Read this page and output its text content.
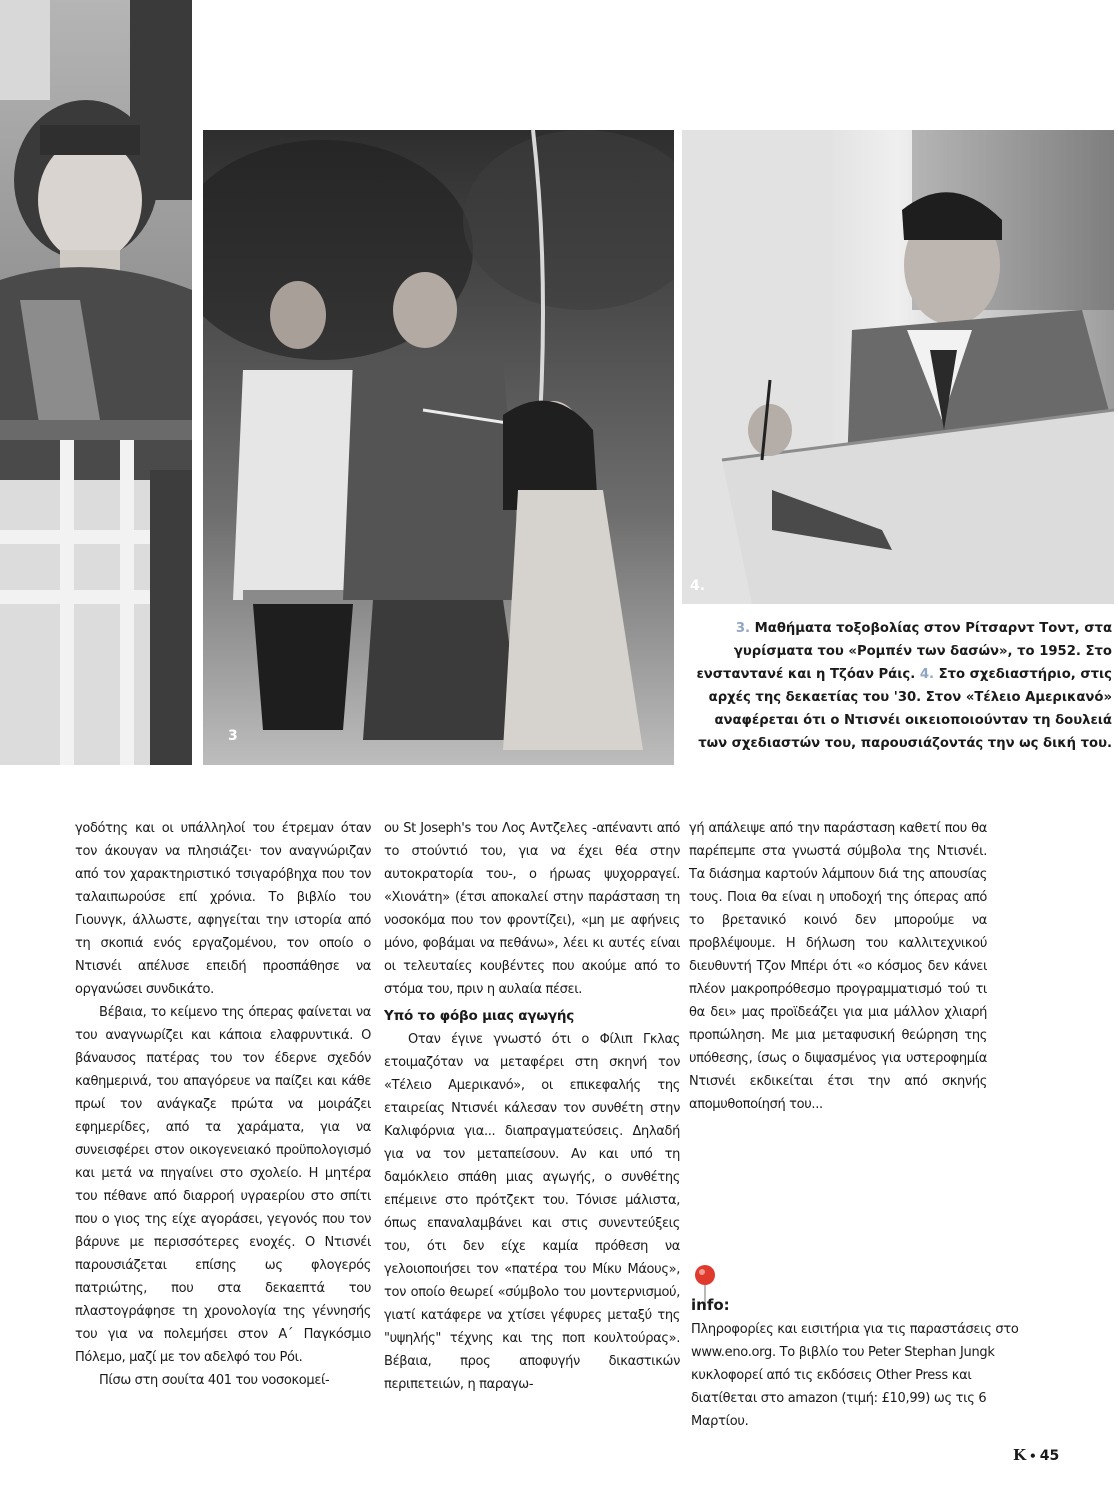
3
4.
3. Μαθήματα τοξοβολίας στον Ρίτσαρντ Τοντ, στα γυρίσματα του «Ρομπέν των δασών», το 1952. Στο ενσταντανέ και η Τζόαν Ράις. 4. Στο σχεδιαστήριο, στις αρχές της δεκαετίας του '30. Στον «Τέλειο Αμερικανό» αναφέρεται ότι ο Ντισνέι οικειοποιούνταν τη δουλειά των σχεδιαστών του, παρουσιάζοντάς την ως δική του.

γοδότης και οι υπάλληλοί του έτρεμαν όταν τον άκουγαν να πλησιάζει· τον αναγνώριζαν από τον χαρακτηριστικό τσιγαρόβηχα που τον ταλαιπωρούσε επί χρόνια. Το βιβλίο του Γιουνγκ, άλλωστε, αφηγείται την ιστορία από τη σκοπιά ενός εργαζομένου, τον οποίο ο Ντισνέι απέλυσε επειδή προσπάθησε να οργανώσει συνδικάτο.

Βέβαια, το κείμενο της όπερας φαίνεται να του αναγνωρίζει και κάποια ελαφρυντικά. Ο βάναυσος πατέρας του τον έδερνε σχεδόν καθημερινά, του απαγόρευε να παίζει και κάθε πρωί τον ανάγκαζε πρώτα να μοιράζει εφημερίδες, από τα χαράματα, για να συνεισφέρει στον οικογενειακό προϋπολογισμό και μετά να πηγαίνει στο σχολείο. Η μητέρα του πέθανε από διαρροή υγραερίου στο σπίτι που ο γιος της είχε αγοράσει, γεγονός που τον βάρυνε με περισσότερες ενοχές. Ο Ντισνέι παρουσιάζεται επίσης ως φλογερός πατριώτης, που στα δεκαεπτά του πλαστογράφησε τη χρονολογία της γέννησής του για να πολεμήσει στον Α΄ Παγκόσμιο Πόλεμο, μαζί με τον αδελφό του Ρόι.

Πίσω στη σουίτα 401 του νοσοκομεί-

ου St Joseph's του Λος Αντζελες -απέναντι από το στούντιό του, για να έχει θέα στην αυτοκρατορία του-, ο ήρωας ψυχορραγεί. «Χιονάτη» (έτσι αποκαλεί στην παράσταση τη νοσοκόμα που τον φροντίζει), «μη με αφήνεις μόνο, φοβάμαι να πεθάνω», λέει κι αυτές είναι οι τελευταίες κουβέντες που ακούμε από το στόμα του, πριν η αυλαία πέσει.

Υπό το φόβο μιας αγωγής

Οταν έγινε γνωστό ότι ο Φίλιπ Γκλας ετοιμαζόταν να μεταφέρει στη σκηνή τον «Τέλειο Αμερικανό», οι επικεφαλής της εταιρείας Ντισνέι κάλεσαν τον συνθέτη στην Καλιφόρνια για... διαπραγματεύσεις. Δηλαδή για να τον μεταπείσουν. Αν και υπό τη δαμόκλειο σπάθη μιας αγωγής, ο συνθέτης επέμεινε στο πρότζεκτ του. Τόνισε μάλιστα, όπως επαναλαμβάνει και στις συνεντεύξεις του, ότι δεν είχε καμία πρόθεση να γελοιοποιήσει τον «πατέρα του Μίκυ Μάους», τον οποίο θεωρεί «σύμβολο του μοντερνισμού, γιατί κατάφερε να χτίσει γέφυρες μεταξύ της "υψηλής" τέχνης και της ποπ κουλτούρας». Βέβαια, προς αποφυγήν δικαστικών περιπετειών, η παραγω-

γή απάλειψε από την παράσταση καθετί που θα παρέπεμπε στα γνωστά σύμβολα της Ντισνέι. Τα διάσημα καρτούν λάμπουν διά της απουσίας τους. Ποια θα είναι η υποδοχή της όπερας από το βρετανικό κοινό δεν μπορούμε να προβλέψουμε. Η δήλωση του καλλιτεχνικού διευθυντή Τζον Μπέρι ότι «ο κόσμος δεν κάνει πλέον μακροπρόθεσμο προγραμματισμό τού τι θα δει» μας προϊδεάζει για μια μάλλον χλιαρή προπώληση. Με μια μεταφυσική θεώρηση της υπόθεσης, ίσως ο διψασμένος για υστεροφημία Ντισνέι εκδικείται έτσι την από σκηνής απομυθοποίησή του...

info:

Πληροφορίες και εισιτήρια για τις παραστάσεις στο www.eno.org. Το βιβλίο του Peter Stephan Jungk κυκλοφορεί από τις εκδόσεις Other Press και διατίθεται στο amazon (τιμή: £10,99) ως τις 6 Μαρτίου.

K • 45
